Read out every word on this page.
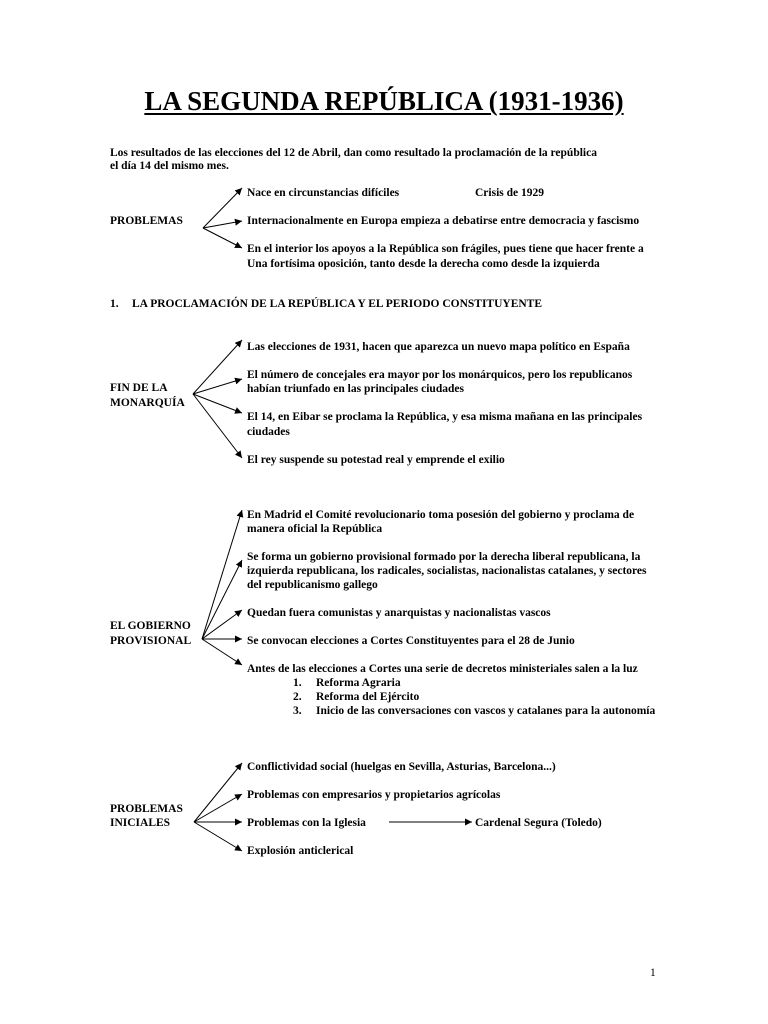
LA SEGUNDA REPÚBLICA (1931-1936)
Los resultados de las elecciones del 12 de Abril, dan como resultado la proclamación de la república
el día 14 del mismo mes.
PROBLEMAS
Nace en circunstancias difíciles	Crisis de 1929
Internacionalmente en Europa empieza a debatirse entre democracia y fascismo
En el interior los apoyos a la República son frágiles, pues tiene que hacer frente a
Una fortísima oposición, tanto desde la derecha como desde la izquierda
1. LA PROCLAMACIÓN DE LA REPÚBLICA Y EL PERIODO CONSTITUYENTE
FIN DE LA
MONARQUÍA
Las elecciones de 1931, hacen que aparezca un nuevo mapa político en España
El número de concejales era mayor por los monárquicos, pero los republicanos
habían triunfado en las principales ciudades
El 14, en Eibar se proclama la República, y esa misma mañana en las principales
ciudades
El rey suspende su potestad real y emprende el exilio
EL GOBIERNO
PROVISIONAL
En Madrid el Comité revolucionario toma posesión del gobierno y proclama de
manera oficial la República
Se forma un gobierno provisional formado por la derecha liberal republicana, la
izquierda republicana, los radicales, socialistas, nacionalistas catalanes, y sectores
del republicanismo gallego
Quedan fuera comunistas y anarquistas y nacionalistas vascos
Se convocan elecciones a Cortes Constituyentes para el 28 de Junio
Antes de las elecciones a Cortes una serie de decretos ministeriales salen a la luz
1. Reforma Agraria
2. Reforma del Ejército
3. Inicio de las conversaciones con vascos y catalanes para la autonomía
PROBLEMAS
INICIALES
Conflictividad social (huelgas en Sevilla, Asturias, Barcelona...)
Problemas con empresarios y propietarios agrícolas
Problemas con la Iglesia	Cardenal Segura (Toledo)
Explosión anticlerical
1
